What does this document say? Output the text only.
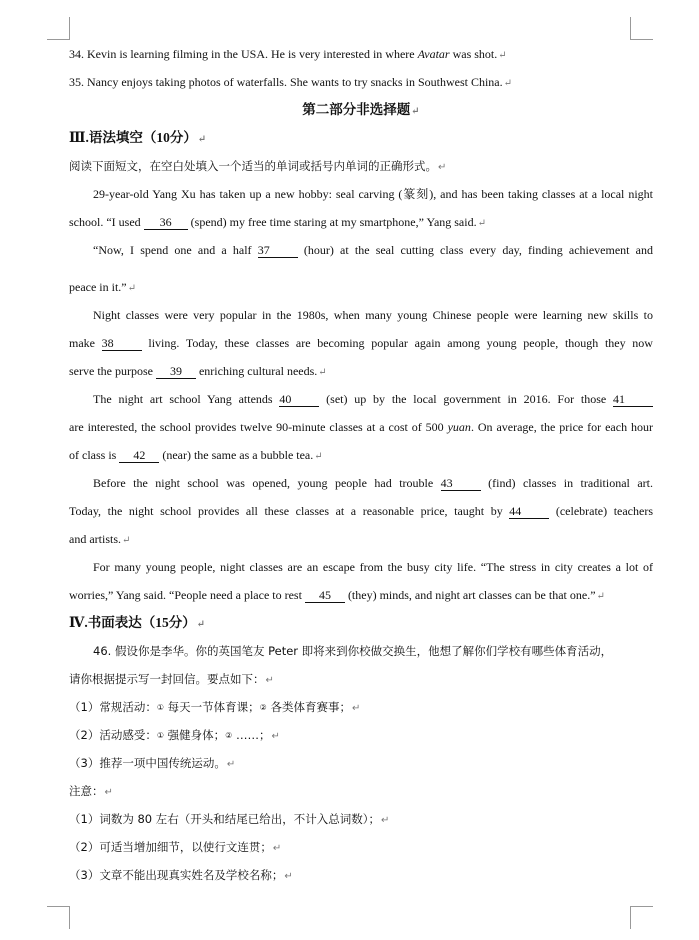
34. Kevin is learning filming in the USA. He is very interested in where Avatar was shot.↵
35. Nancy enjoys taking photos of waterfalls. She wants to try snacks in Southwest China.↵
第二部分非选择题↵
Ⅲ.语法填空（10分）↵
阅读下面短文，在空白处填入一个适当的单词或括号内单词的正确形式。↵
29-year-old Yang Xu has taken up a new hobby: seal carving (篆刻), and has been taking classes at a local night
school. “I used 36 (spend) my free time staring at my smartphone,” Yang said.↵
“Now, I spend one and a half 37 (hour) at the seal cutting class every day, finding achievement and
peace in it.”↵
Night classes were very popular in the 1980s, when many young Chinese people were learning new skills to
make 38 living. Today, these classes are becoming popular again among young people, though they now
serve the purpose 39 enriching cultural needs.↵
The night art school Yang attends 40 (set) up by the local government in 2016. For those 41
are interested, the school provides twelve 90-minute classes at a cost of 500 yuan. On average, the price for each hour
of class is 42 (near) the same as a bubble tea.↵
Before the night school was opened, young people had trouble 43 (find) classes in traditional art.
Today, the night school provides all these classes at a reasonable price, taught by 44 (celebrate) teachers
and artists.↵
For many young people, night classes are an escape from the busy city life. “The stress in city creates a lot of
worries,” Yang said. “People need a place to rest 45 (they) minds, and night art classes can be that one.”↵
Ⅳ.书面表达（15分）↵
46. 假设你是李华。你的英国笔友 Peter 即将来到你校做交换生，他想了解你们学校有哪些体育活动，
请你根据提示写一封回信。要点如下：↵
（1）常规活动：① 每天一节体育课；② 各类体育赛事；↵
（2）活动感受：① 强健身体；② ……；↵
（3）推荐一项中国传统运动。↵
注意：↵
（1）词数为 80 左右（开头和结尾已给出，不计入总词数）；↵
（2）可适当增加细节，以使行文连贯；↵
（3）文章不能出现真实姓名及学校名称；↵
